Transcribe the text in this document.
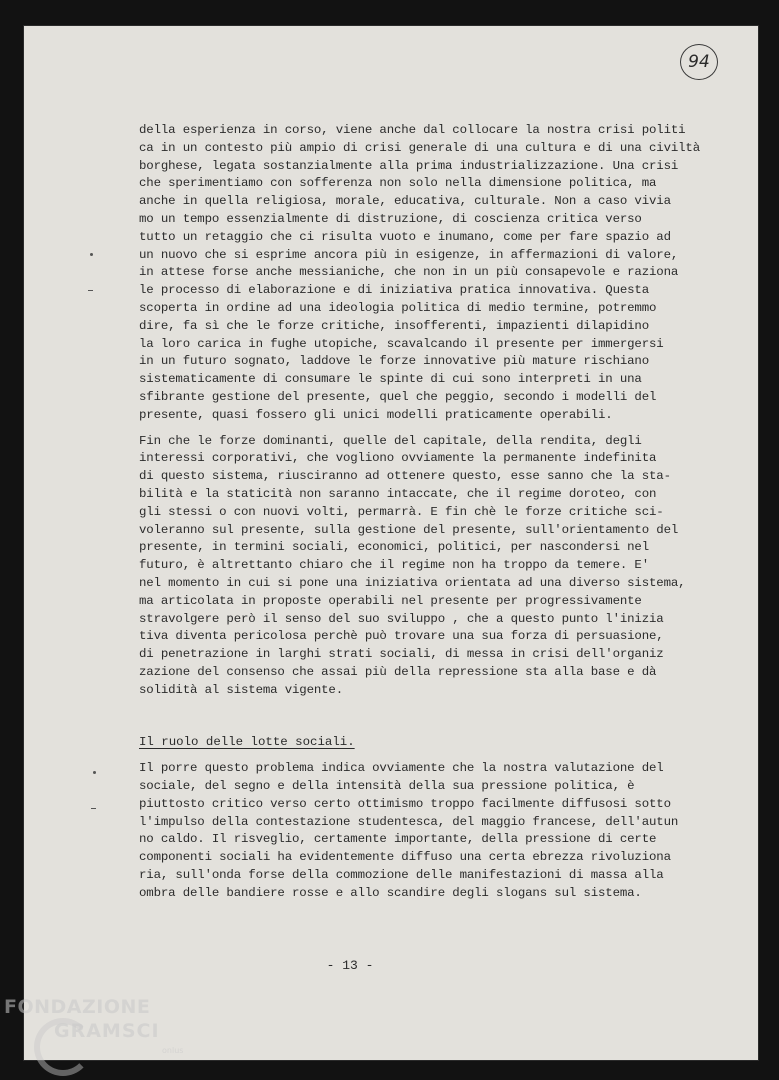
94
della esperienza in corso, viene anche dal collocare la nostra crisi politi
ca in un contesto più ampio di crisi generale di una cultura e di una civiltà
borghese, legata sostanzialmente alla prima industrializzazione. Una crisi
che sperimentiamo con sofferenza non solo nella dimensione politica, ma
anche in quella religiosa, morale, educativa, culturale. Non a caso vivia
mo un tempo essenzialmente di distruzione, di coscienza critica verso
tutto un retaggio che ci risulta vuoto e inumano, come per fare spazio ad
un nuovo che si esprime ancora più in esigenze, in affermazioni di valore,
in attese forse anche messianiche, che non in un più consapevole e raziona
le processo di elaborazione e di iniziativa pratica innovativa. Questa
scoperta in ordine ad una ideologia politica di medio termine, potremmo
dire, fa sì che le forze critiche, insofferenti, impazienti dilapidino
la loro carica in fughe utopiche, scavalcando il presente per immergersi
in un futuro sognato, laddove le forze innovative più mature rischiano
sistematicamente di consumare le spinte di cui sono interpreti in una
sfibrante gestione del presente, quel che peggio, secondo i modelli del
presente, quasi fossero gli unici modelli praticamente operabili.
Fin che le forze dominanti, quelle del capitale, della rendita, degli
interessi corporativi, che vogliono ovviamente la permanente indefinita
di questo sistema, riusciranno ad ottenere questo, esse sanno che la sta-
bilità e la staticità non saranno intaccate, che il regime doroteo, con
gli stessi o con nuovi volti, permarrà. E fin chè le forze critiche sci-
voleranno sul presente, sulla gestione del presente, sull'orientamento del
presente, in termini sociali, economici, politici, per nascondersi nel
futuro, è altrettanto chiaro che il regime non ha troppo da temere. E'
nel momento in cui si pone una iniziativa orientata ad una diverso sistema,
ma articolata in proposte operabili nel presente per progressivamente
stravolgere però il senso del suo sviluppo , che a questo punto l'inizia
tiva diventa pericolosa perchè può trovare una sua forza di persuasione,
di penetrazione in larghi strati sociali, di messa in crisi dell'organiz
zazione del consenso che assai più della repressione sta alla base e dà
solidità al sistema vigente.
Il ruolo delle lotte sociali.
Il porre questo problema indica ovviamente che la nostra valutazione del
sociale, del segno e della intensità della sua pressione politica, è
piuttosto critico verso certo ottimismo troppo facilmente diffusosi sotto
l'impulso della contestazione studentesca, del maggio francese, dell'autun
no caldo. Il risveglio, certamente importante, della pressione di certe
componenti sociali ha evidentemente diffuso una certa ebrezza rivoluziona
ria, sull'onda forse della commozione delle manifestazioni di massa alla
ombra delle bandiere rosse e allo scandire degli slogans sul sistema.
- 13 -
FONDAZIONE
GRAMSCI
onlus
